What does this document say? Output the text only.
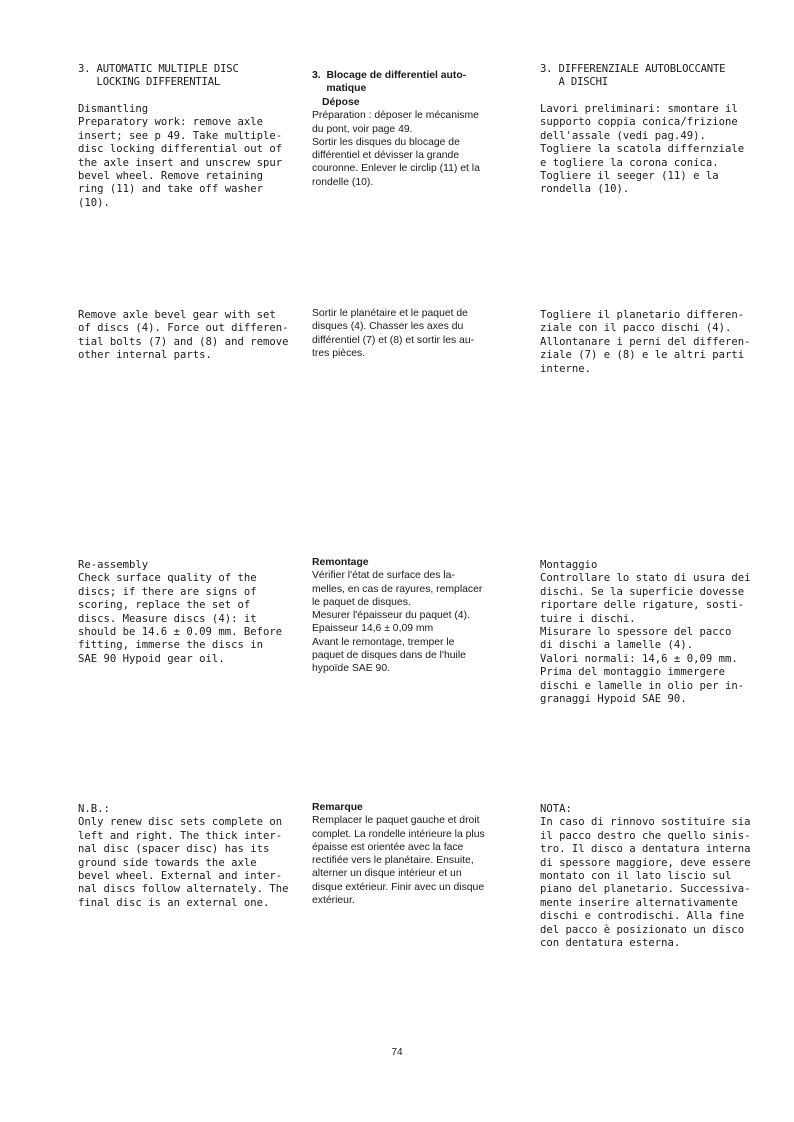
3. AUTOMATIC MULTIPLE DISC
LOCKING DIFFERENTIAL
Dismantling
Preparatory work: remove axle
insert; see p 49. Take multiple-
disc locking differential out of
the axle insert and unscrew spur
bevel wheel. Remove retaining
ring (11) and take off washer
(10).
Remove axle bevel gear with set
of discs (4). Force out differen-
tial bolts (7) and (8) and remove
other internal parts.
Re-assembly
Check surface quality of the
discs; if there are signs of
scoring, replace the set of
discs. Measure discs (4): it
should be 14.6 ± 0.09 mm. Before
fitting, immerse the discs in
SAE 90 Hypoid gear oil.
N.B.:
Only renew disc sets complete on
left and right. The thick inter-
nal disc (spacer disc) has its
ground side towards the axle
bevel wheel. External and inter-
nal discs follow alternately. The
final disc is an external one.
3.  Blocage de differentiel auto-
matique
Dépose
Préparation : déposer le mécanisme
du pont, voir page 49.
Sortir les disques du blocage de
différentiel et dévisser la grande
couronne. Enlever le circlip (11) et la
rondelle (10).
Sortir le planétaire et le paquet de
disques (4). Chasser les axes du
différentiel (7) et (8) et sortir les au-
tres pièces.
Remontage
Vérifier l'état de surface des la-
melles, en cas de rayures, remplacer
le paquet de disques.
Mesurer l'épaisseur du paquet (4).
Epaisseur 14,6 ± 0,09 mm
Avant le remontage, tremper le
paquet de disques dans de l'huile
hypoïde SAE 90.
Remarque
Remplacer le paquet gauche et droit
complet. La rondelle intérieure la plus
épaisse est orientée avec la face
rectifiée vers le planétaire. Ensuite,
alterner un disque intérieur et un
disque extérieur. Finir avec un disque
extérieur.
3. DIFFERENZIALE AUTOBLOCCANTE
A DISCHI
Lavori preliminari: smontare il
supporto coppia conica/frizione
dell'assale (vedi pag.49).
Togliere la scatola differnziale
e togliere la corona conica.
Togliere il seeger (11) e la
rondella (10).
Togliere il planetario differen-
ziale con il pacco dischi (4).
Allontanare i perni del differen-
ziale (7) e (8) e le altri parti
interne.
Montaggio
Controllare lo stato di usura dei
dischi. Se la superficie dovesse
riportare delle rigature, sosti-
tuire i dischi.
Misurare lo spessore del pacco
di dischi a lamelle (4).
Valori normali: 14,6 ± 0,09 mm.
Prima del montaggio immergere
dischi e lamelle in olio per in-
granaggi Hypoid SAE 90.
NOTA:
In caso di rinnovo sostituire sia
il pacco destro che quello sinis-
tro. Il disco a dentatura interna
di spessore maggiore, deve essere
montato con il lato liscio sul
piano del planetario. Successiva-
mente inserire alternativamente
dischi e controdischi. Alla fine
del pacco è posizionato un disco
con dentatura esterna.
74
